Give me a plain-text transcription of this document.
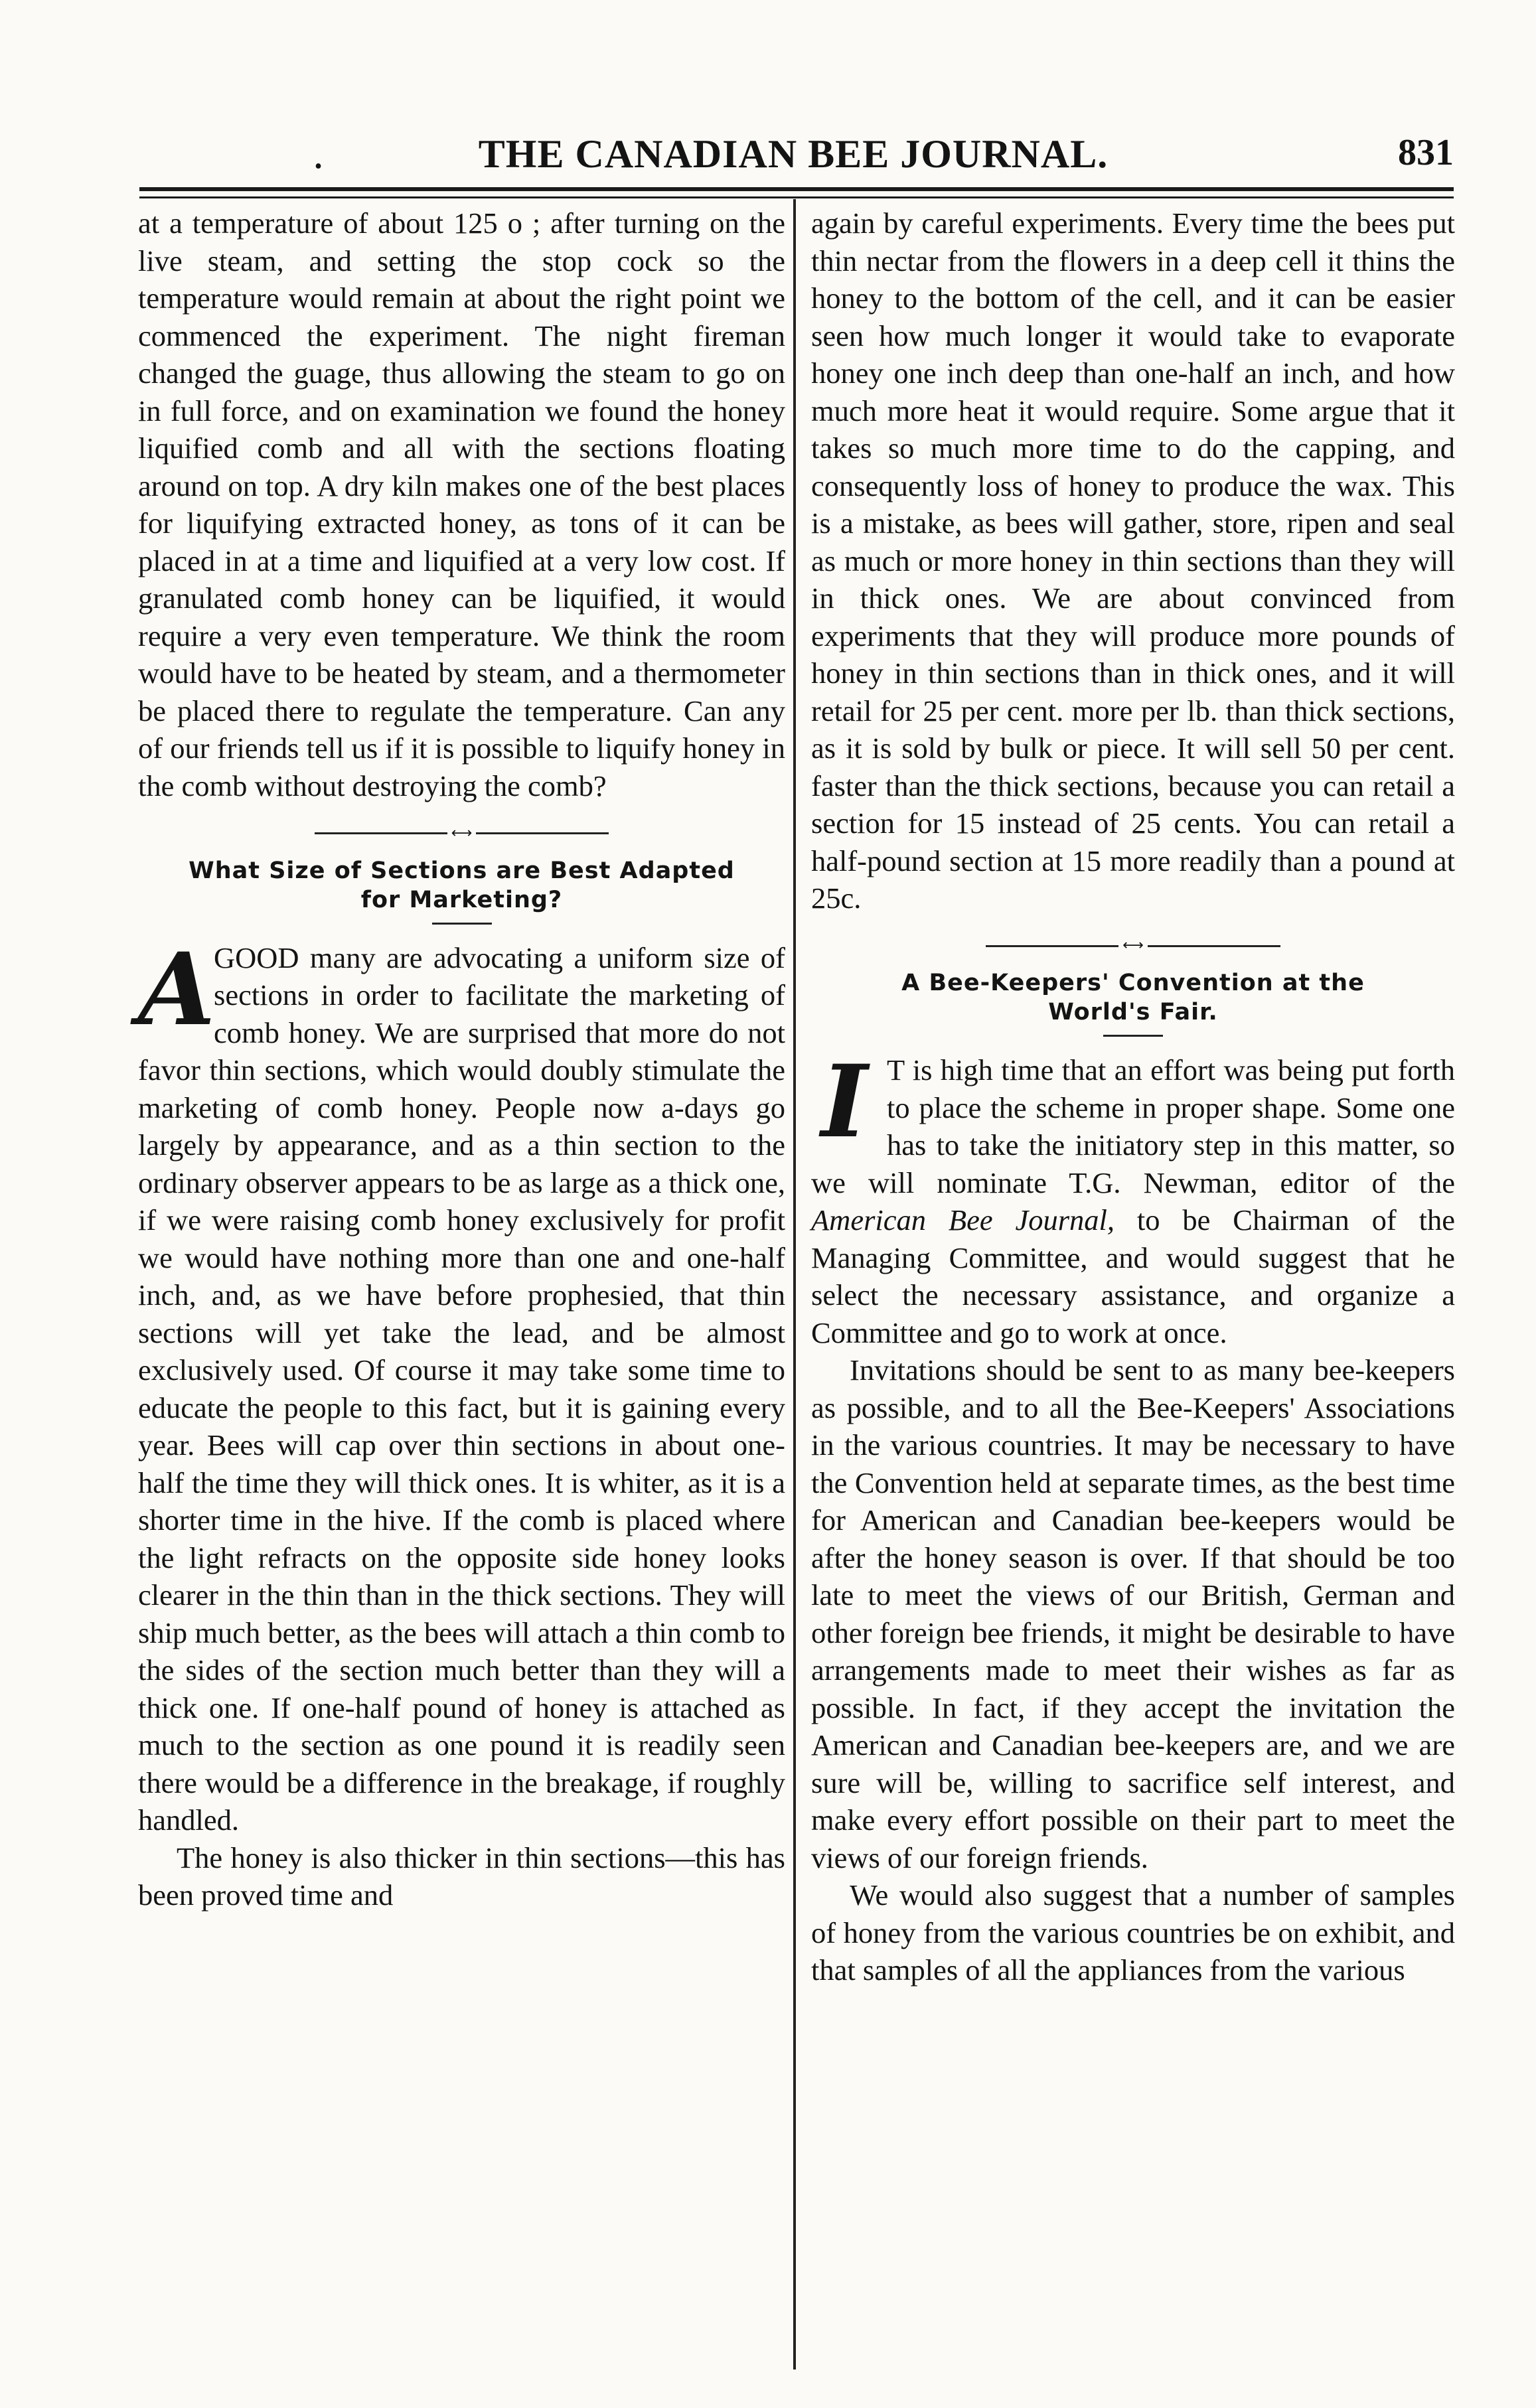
.	THE CANADIAN BEE JOURNAL.	831

at a temperature of about 125 o ; after turning on the live steam, and setting the stop cock so the temperature would remain at about the right point we commenced the experiment. The night fireman changed the guage, thus allowing the steam to go on in full force, and on examination we found the honey liquified comb and all with the sections floating around on top. A dry kiln makes one of the best places for liquifying extracted honey, as tons of it can be placed in at a time and liquified at a very low cost. If granulated comb honey can be liquified, it would require a very even temperature. We think the room would have to be heated by steam, and a thermometer be placed there to regulate the temperature. Can any of our friends tell us if it is possible to liquify honey in the comb without destroying the comb?

⟷
What Size of Sections are Best Adapted
for Marketing?

A
GOOD many are advocating a uniform size of sections in order to facilitate the marketing of comb honey. We are surprised that more do not favor thin sections, which would doubly stimulate the marketing of comb honey. People now a-days go largely by appearance, and as a thin section to the ordinary observer appears to be as large as a thick one, if we were raising comb honey exclusively for profit we would have nothing more than one and one-half inch, and, as we have before prophesied, that thin sections will yet take the lead, and be almost exclusively used. Of course it may take some time to educate the people to this fact, but it is gaining every year. Bees will cap over thin sections in about one-half the time they will thick ones. It is whiter, as it is a shorter time in the hive. If the comb is placed where the light refracts on the opposite side honey looks clearer in the thin than in the thick sections. They will ship much better, as the bees will attach a thin comb to the sides of the section much better than they will a thick one. If one-half pound of honey is attached as much to the section as one pound it is readily seen there would be a difference in the breakage, if roughly handled.

The honey is also thicker in thin sections—this has been proved time and

again by careful experiments. Every time the bees put thin nectar from the flowers in a deep cell it thins the honey to the bottom of the cell, and it can be easier seen how much longer it would take to evaporate honey one inch deep than one-half an inch, and how much more heat it would require. Some argue that it takes so much more time to do the capping, and consequently loss of honey to produce the wax. This is a mistake, as bees will gather, store, ripen and seal as much or more honey in thin sections than they will in thick ones. We are about convinced from experiments that they will produce more pounds of honey in thin sections than in thick ones, and it will retail for 25 per cent. more per lb. than thick sections, as it is sold by bulk or piece. It will sell 50 per cent. faster than the thick sections, because you can retail a section for 15 instead of 25 cents. You can retail a half-pound section at 15 more readily than a pound at 25c.

⟷
A Bee-Keepers' Convention at the
World's Fair.

I T is high time that an effort was being put forth to place the scheme in proper shape. Some one has to take the initiatory step in this matter, so we will nominate T.G. Newman, editor of the American Bee Journal, to be Chairman of the Managing Committee, and would suggest that he select the necessary assistance, and organize a Committee and go to work at once.

Invitations should be sent to as many bee-keepers as possible, and to all the Bee-Keepers' Associations in the various countries. It may be necessary to have the Convention held at separate times, as the best time for American and Canadian bee-keepers would be after the honey season is over. If that should be too late to meet the views of our British, German and other foreign bee friends, it might be desirable to have arrangements made to meet their wishes as far as possible. In fact, if they accept the invitation the American and Canadian bee-keepers are, and we are sure will be, willing to sacrifice self interest, and make every effort possible on their part to meet the views of our foreign friends.

We would also suggest that a number of samples of honey from the various countries be on exhibit, and that samples of all the appliances from the various
